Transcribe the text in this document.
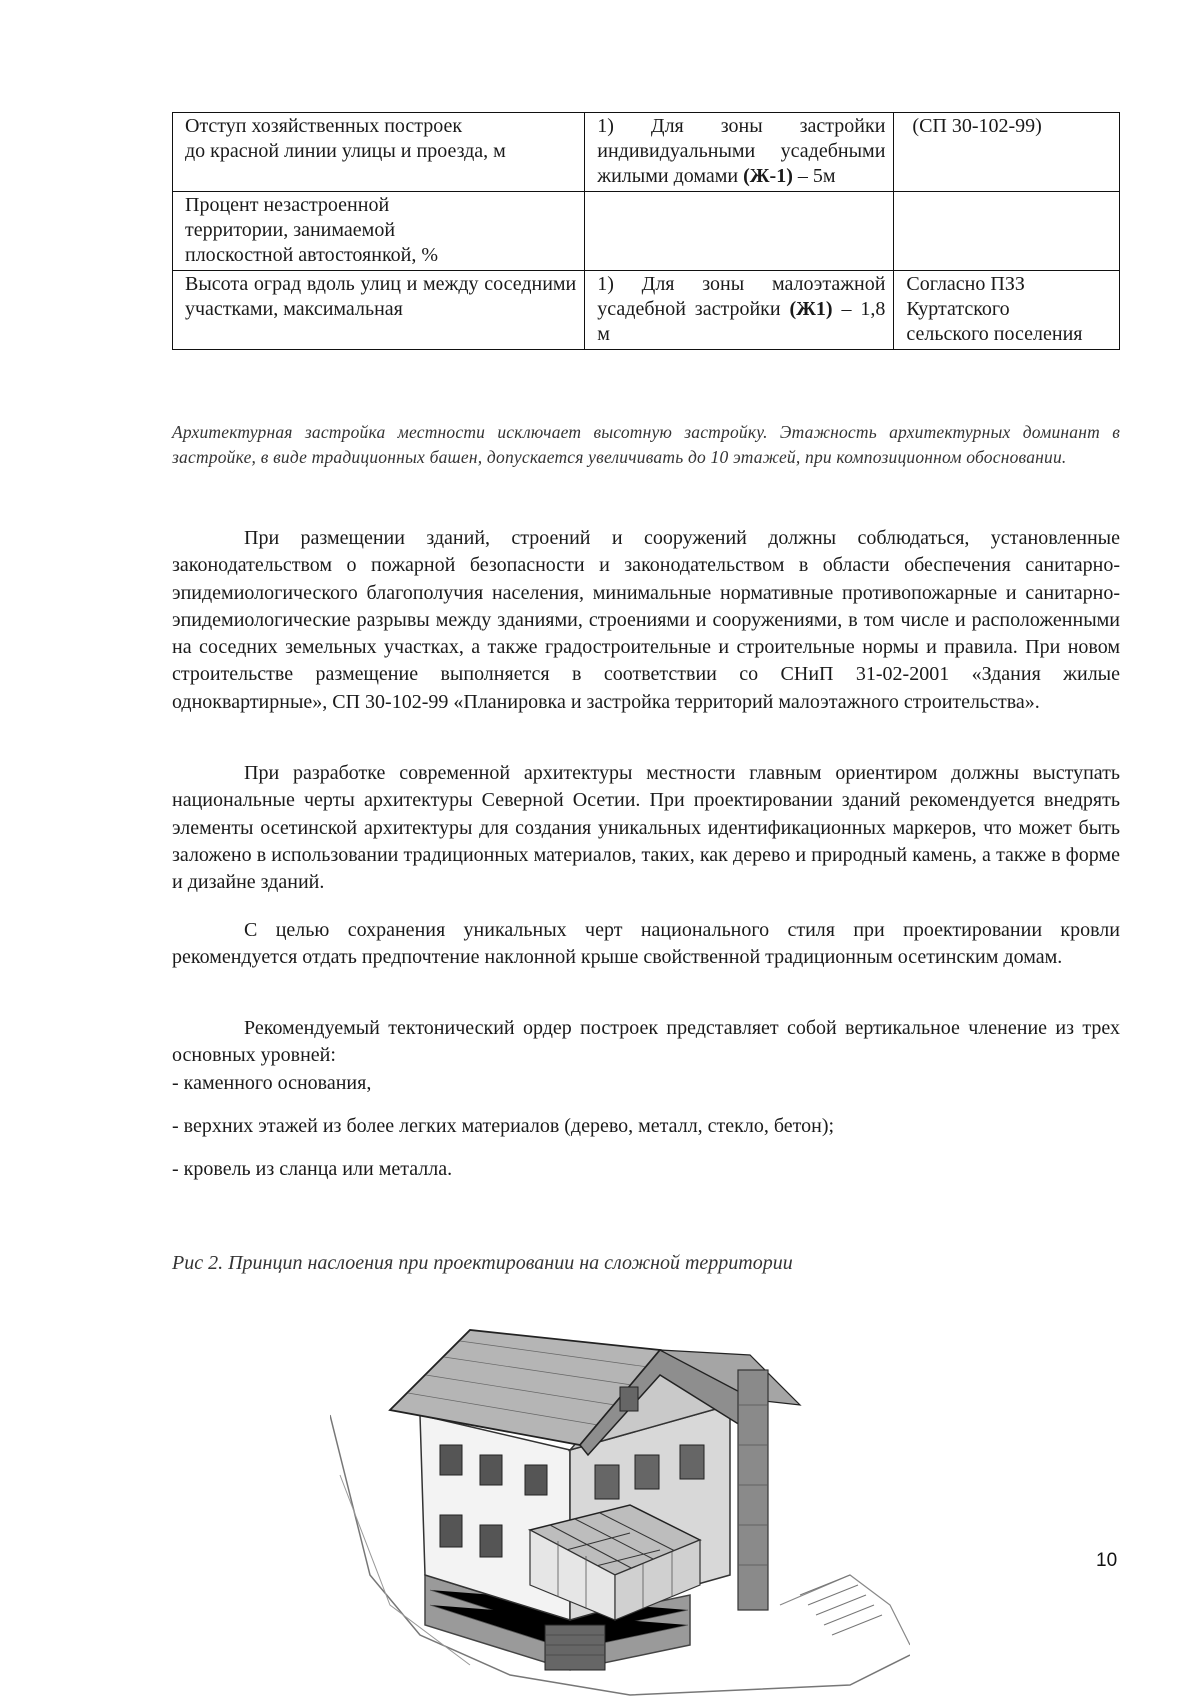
Отступ хозяйственных построек
до красной линии улицы и проезда, м	1) Для зоны застройки индивидуальными усадебными жилыми домами (Ж-1) – 5м	(СП 30-102-99)

Процент незастроенной
территории, занимаемой
плоскостной автостоянкой, %		

Высота оград вдоль улиц и между соседними участками, максимальная	1) Для зоны малоэтажной усадебной застройки (Ж1) – 1,8 м	Согласно ПЗЗ
Куртатского
сельского поселения
Архитектурная застройка местности исключает высотную застройку. Этажность архитектурных доминант в застройке, в виде традиционных башен, допускается увеличивать до 10 этажей, при композиционном обосновании.

При размещении зданий, строений и сооружений должны соблюдаться, установленные законодательством о пожарной безопасности и законодательством в области обеспечения санитарно-эпидемиологического благополучия населения, минимальные нормативные противопожарные и санитарно-эпидемиологические разрывы между зданиями, строениями и сооружениями, в том числе и расположенными на соседних земельных участках, а также градостроительные и строительные нормы и правила. При новом строительстве размещение выполняется в соответствии со СНиП 31-02-2001 «Здания жилые одноквартирные», СП 30-102-99 «Планировка и застройка территорий малоэтажного строительства».

При разработке современной архитектуры местности главным ориентиром должны выступать национальные черты архитектуры Северной Осетии. При проектировании зданий рекомендуется внедрять элементы осетинской архитектуры для создания уникальных идентификационных маркеров, что может быть заложено в использовании традиционных материалов, таких, как дерево и природный камень, а также в форме и дизайне зданий.

С целью сохранения уникальных черт национального стиля при проектировании кровли рекомендуется отдать предпочтение наклонной крыше свойственной традиционным осетинским домам.

Рекомендуемый тектонический ордер построек представляет собой вертикальное членение из трех основных уровней:

- каменного основания,
- верхних этажей из более легких материалов (дерево, металл, стекло, бетон);
- кровель из сланца или металла.
Рис 2. Принцип наслоения при проектировании на сложной территории
10
